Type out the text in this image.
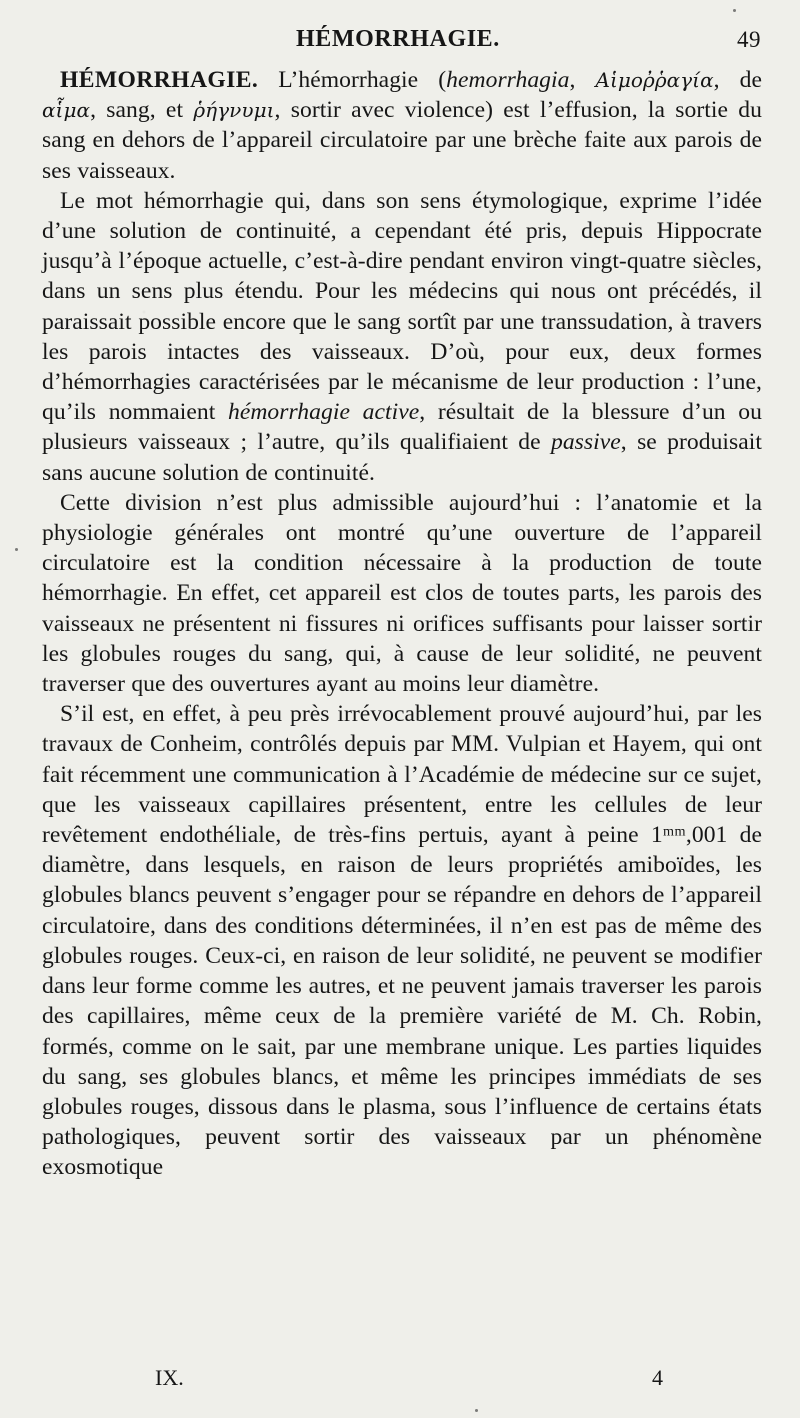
HÉMORRHAGIE.	49

HÉMORRHAGIE. L’hémorrhagie (hemorrhagia, Αἱμοῤῥαγία, de αἷμα, sang, et ῥήγνυμι, sortir avec violence) est l’effusion, la sortie du sang en dehors de l’appareil circulatoire par une brèche faite aux parois de ses vaisseaux.

Le mot hémorrhagie qui, dans son sens étymologique, exprime l’idée d’une solution de continuité, a cependant été pris, depuis Hippocrate jusqu’à l’époque actuelle, c’est-à-dire pendant environ vingt-quatre siècles, dans un sens plus étendu. Pour les médecins qui nous ont précédés, il paraissait possible encore que le sang sortît par une transsudation, à travers les parois intactes des vaisseaux. D’où, pour eux, deux formes d’hémorrhagies caractérisées par le mécanisme de leur production : l’une, qu’ils nommaient hémorrhagie active, résultait de la blessure d’un ou plusieurs vaisseaux ; l’autre, qu’ils qualifiaient de passive, se produisait sans aucune solution de continuité.

Cette division n’est plus admissible aujourd’hui : l’anatomie et la physiologie générales ont montré qu’une ouverture de l’appareil circulatoire est la condition nécessaire à la production de toute hémorrhagie. En effet, cet appareil est clos de toutes parts, les parois des vaisseaux ne présentent ni fissures ni orifices suffisants pour laisser sortir les globules rouges du sang, qui, à cause de leur solidité, ne peuvent traverser que des ouvertures ayant au moins leur diamètre.

S’il est, en effet, à peu près irrévocablement prouvé aujourd’hui, par les travaux de Conheim, contrôlés depuis par MM. Vulpian et Hayem, qui ont fait récemment une communication à l’Académie de médecine sur ce sujet, que les vaisseaux capillaires présentent, entre les cellules de leur revêtement endothéliale, de très-fins pertuis, ayant à peine 1ᵐᵐ,001 de diamètre, dans lesquels, en raison de leurs propriétés amiboïdes, les globules blancs peuvent s’engager pour se répandre en dehors de l’appareil circulatoire, dans des conditions déterminées, il n’en est pas de même des globules rouges. Ceux-ci, en raison de leur solidité, ne peuvent se modifier dans leur forme comme les autres, et ne peuvent jamais traverser les parois des capillaires, même ceux de la première variété de M. Ch. Robin, formés, comme on le sait, par une membrane unique. Les parties liquides du sang, ses globules blancs, et même les principes immédiats de ses globules rouges, dissous dans le plasma, sous l’influence de certains états pathologiques, peuvent sortir des vaisseaux par un phénomène exosmotique

IX.	4
